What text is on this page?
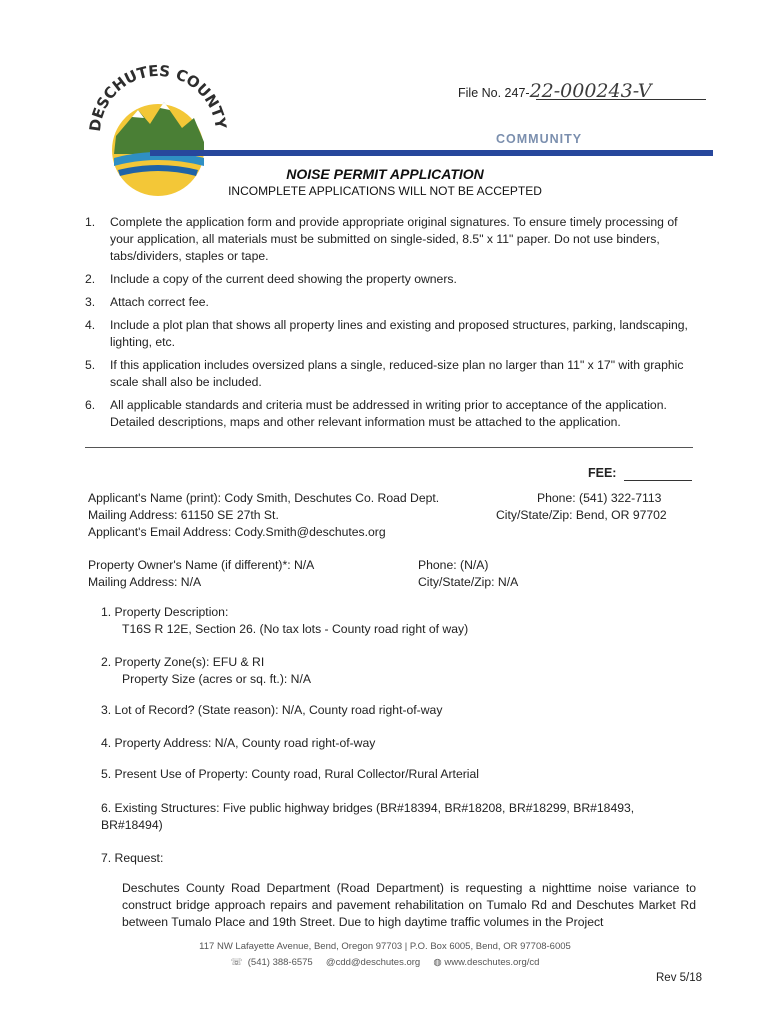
DESCHUTES COUNTY
File No. 247-22-000243-V
COMMUNITY
NOISE PERMIT APPLICATION
INCOMPLETE APPLICATIONS WILL NOT BE ACCEPTED
1.	Complete the application form and provide appropriate original signatures. To ensure timely processing of your application, all materials must be submitted on single-sided, 8.5" x 11" paper. Do not use binders, tabs/dividers, staples or tape.
2.	Include a copy of the current deed showing the property owners.
3.	Attach correct fee.
4.	Include a plot plan that shows all property lines and existing and proposed structures, parking, landscaping, lighting, etc.
5.	If this application includes oversized plans a single, reduced-size plan no larger than 11" x 17" with graphic scale shall also be included.
6.	All applicable standards and criteria must be addressed in writing prior to acceptance of the application. Detailed descriptions, maps and other relevant information must be attached to the application.
FEE:
Applicant's Name (print): Cody Smith, Deschutes Co. Road Dept.
Mailing Address: 61150 SE 27th St.
Applicant's Email Address: Cody.Smith@deschutes.org
Phone: (541) 322-7113
City/State/Zip: Bend, OR 97702
Property Owner's Name (if different)*: N/A
Mailing Address: N/A
Phone: (N/A)
City/State/Zip: N/A
1. Property Description:
T16S R 12E, Section 26. (No tax lots - County road right of way)
2. Property Zone(s): EFU & RI
Property Size (acres or sq. ft.): N/A
3. Lot of Record? (State reason): N/A, County road right-of-way
4. Property Address: N/A, County road right-of-way
5. Present Use of Property: County road, Rural Collector/Rural Arterial
6. Existing Structures: Five public highway bridges (BR#18394, BR#18208, BR#18299, BR#18493, BR#18494)
7. Request:
Deschutes County Road Department (Road Department) is requesting a nighttime noise variance to construct bridge approach repairs and pavement rehabilitation on Tumalo Rd and Deschutes Market Rd between Tumalo Place and 19th Street. Due to high daytime traffic volumes in the Project
117 NW Lafayette Avenue, Bend, Oregon 97703 | P.O. Box 6005, Bend, OR 97708-6005
☏ (541) 388-6575 @cdd@deschutes.org ◍ www.deschutes.org/cd
Rev 5/18
